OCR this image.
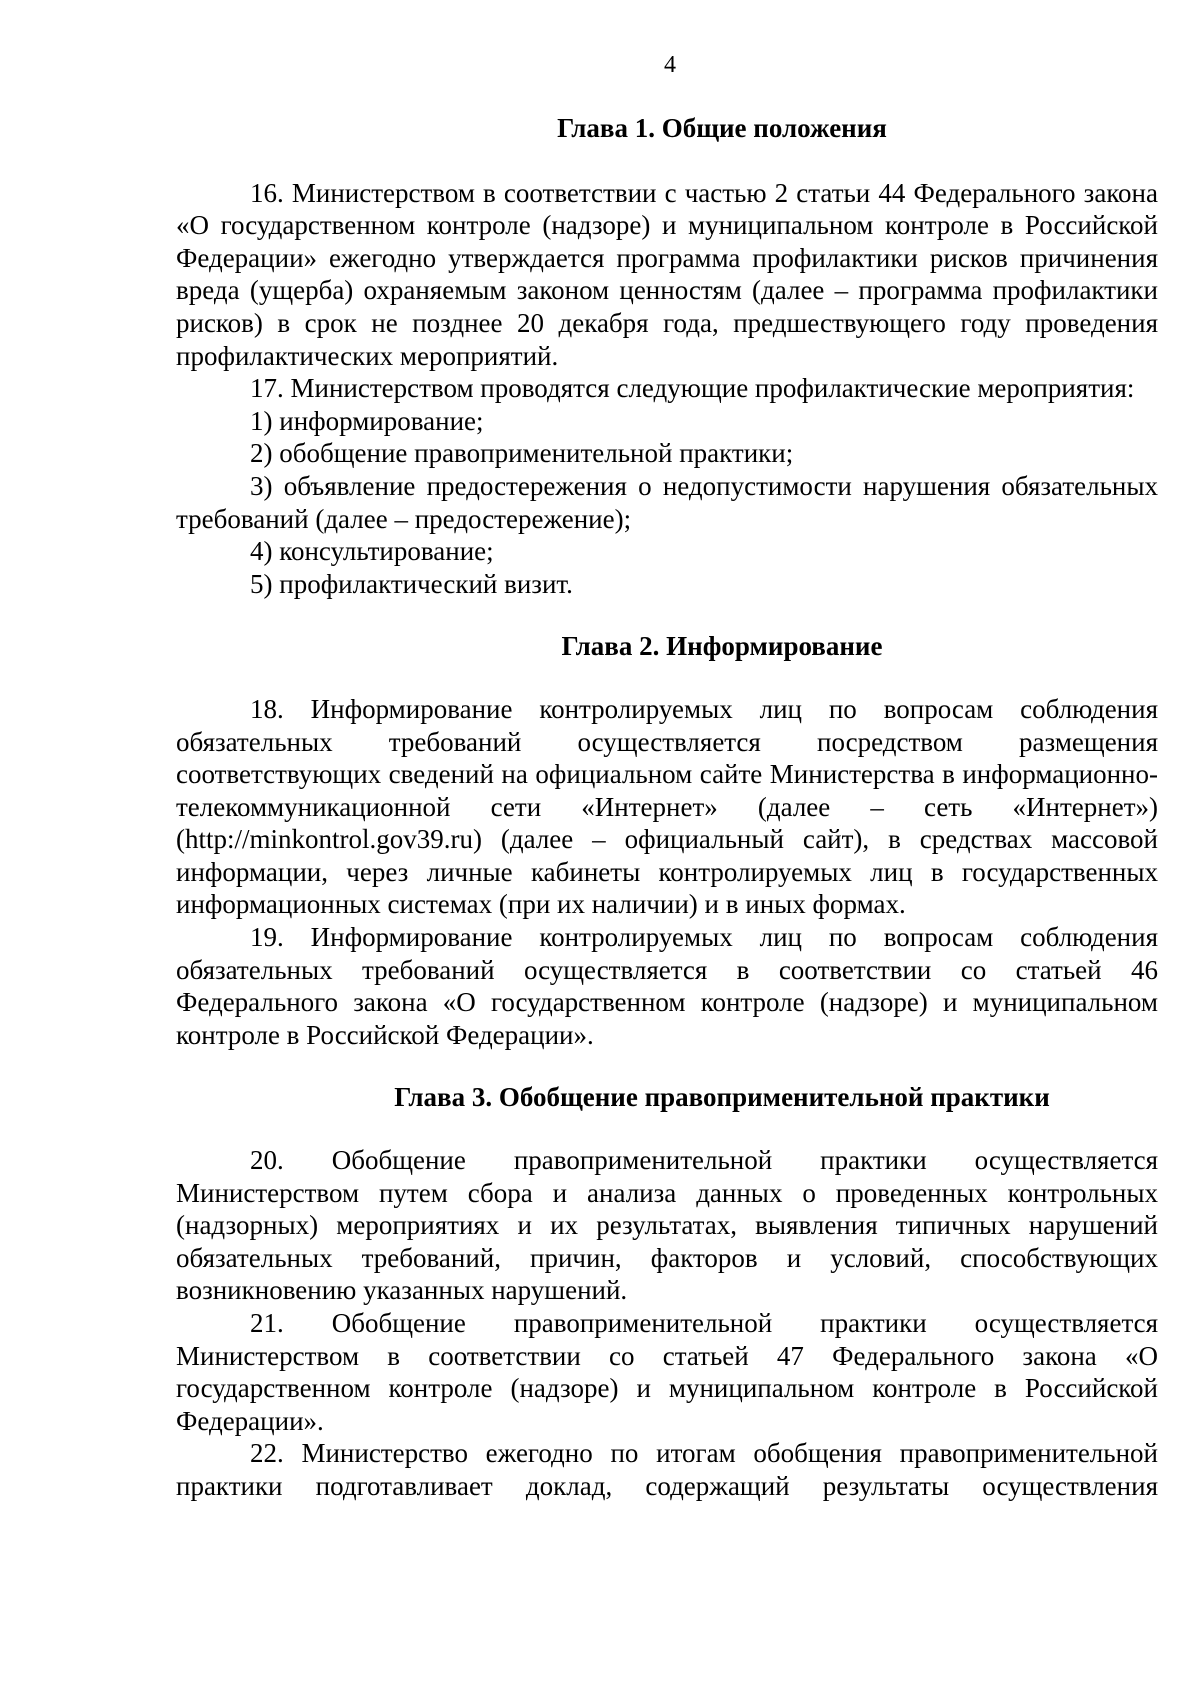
4
Глава 1. Общие положения

16. Министерством в соответствии с частью 2 статьи 44 Федерального закона «О государственном контроле (надзоре) и муниципальном контроле в Российской Федерации» ежегодно утверждается программа профилактики рисков причинения вреда (ущерба) охраняемым законом ценностям (далее – программа профилактики рисков) в срок не позднее 20 декабря года, предшествующего году проведения профилактических мероприятий.

17. Министерством проводятся следующие профилактические мероприятия:

1) информирование;

2) обобщение правоприменительной практики;

3) объявление предостережения о недопустимости нарушения обязательных требований (далее – предостережение);

4) консультирование;

5) профилактический визит.

Глава 2. Информирование

18. Информирование контролируемых лиц по вопросам соблюдения обязательных требований осуществляется посредством размещения соответствующих сведений на официальном сайте Министерства в информационно-телекоммуникационной сети «Интернет» (далее – сеть «Интернет») (http://minkontrol.gov39.ru) (далее – официальный сайт), в средствах массовой информации, через личные кабинеты контролируемых лиц в государственных информационных системах (при их наличии) и в иных формах.

19. Информирование контролируемых лиц по вопросам соблюдения обязательных требований осуществляется в соответствии со статьей 46 Федерального закона «О государственном контроле (надзоре) и муниципальном контроле в Российской Федерации».

Глава 3. Обобщение правоприменительной практики

20. Обобщение правоприменительной практики осуществляется Министерством путем сбора и анализа данных о проведенных контрольных (надзорных) мероприятиях и их результатах, выявления типичных нарушений обязательных требований, причин, факторов и условий, способствующих возникновению указанных нарушений.

21. Обобщение правоприменительной практики осуществляется Министерством в соответствии со статьей 47 Федерального закона «О государственном контроле (надзоре) и муниципальном контроле в Российской Федерации».

22. Министерство ежегодно по итогам обобщения правоприменительной практики подготавливает доклад, содержащий результаты осуществления
